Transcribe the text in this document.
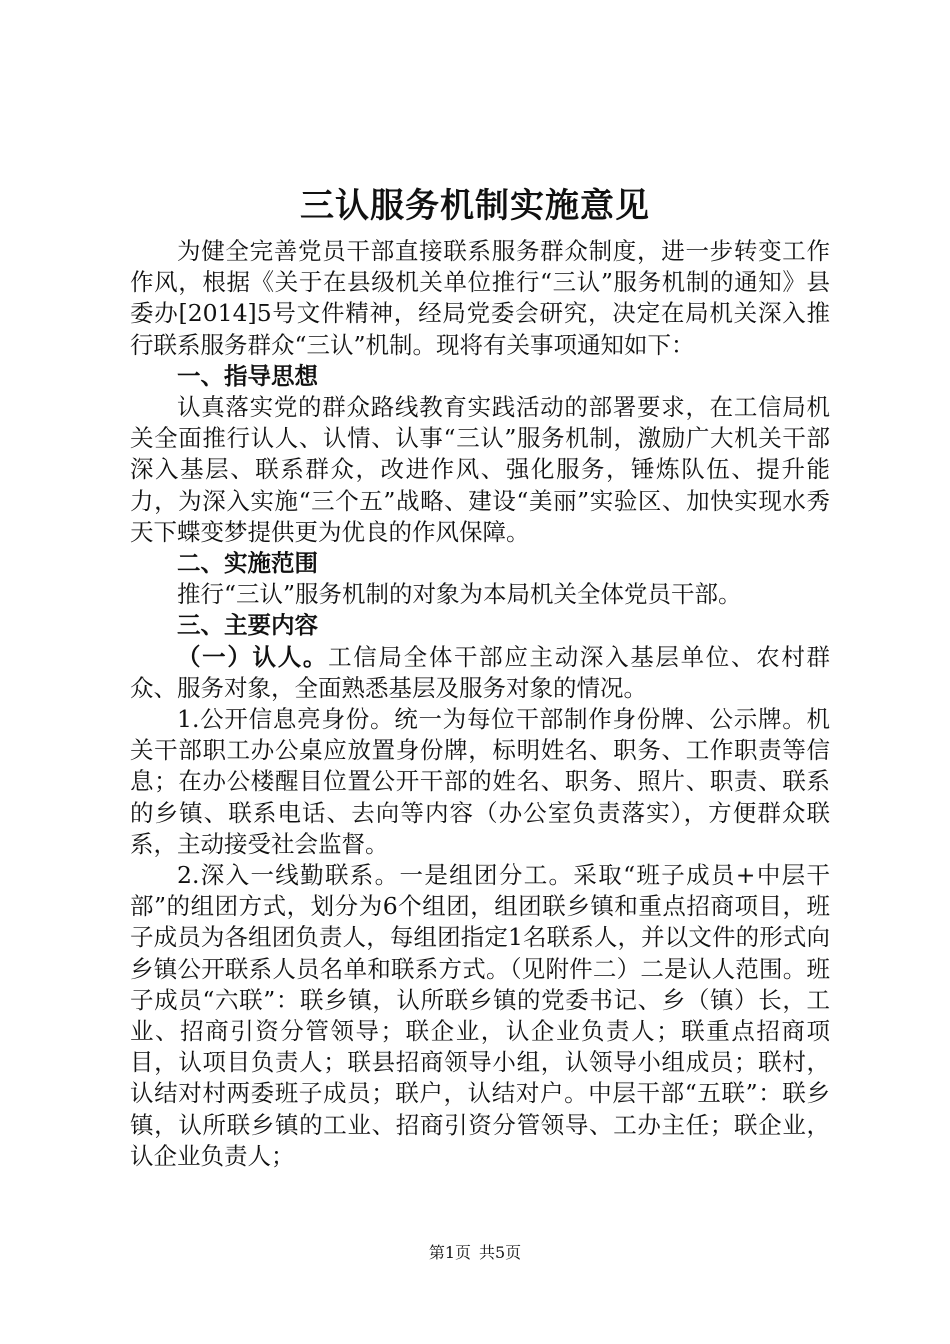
三认服务机制实施意见

为健全完善党员干部直接联系服务群众制度，进一步转变工作作风，根据《关于在县级机关单位推行“三认”服务机制的通知》县委办[2014]5号文件精神，经局党委会研究，决定在局机关深入推行联系服务群众“三认”机制。现将有关事项通知如下：

一、指导思想

认真落实党的群众路线教育实践活动的部署要求，在工信局机关全面推行认人、认情、认事“三认”服务机制，激励广大机关干部深入基层、联系群众，改进作风、强化服务，锤炼队伍、提升能力，为深入实施“三个五”战略、建设“美丽”实验区、加快实现水秀天下蝶变梦提供更为优良的作风保障。

二、实施范围

推行“三认”服务机制的对象为本局机关全体党员干部。

三、主要内容

（一）认人。工信局全体干部应主动深入基层单位、农村群众、服务对象，全面熟悉基层及服务对象的情况。

1.公开信息亮身份。统一为每位干部制作身份牌、公示牌。机关干部职工办公桌应放置身份牌，标明姓名、职务、工作职责等信息；在办公楼醒目位置公开干部的姓名、职务、照片、职责、联系的乡镇、联系电话、去向等内容（办公室负责落实），方便群众联系，主动接受社会监督。

2.深入一线勤联系。一是组团分工。采取“班子成员+中层干部”的组团方式，划分为6个组团，组团联乡镇和重点招商项目，班子成员为各组团负责人，每组团指定1名联系人，并以文件的形式向乡镇公开联系人员名单和联系方式。（见附件二）二是认人范围。班子成员“六联”：联乡镇，认所联乡镇的党委书记、乡（镇）长，工业、招商引资分管领导；联企业，认企业负责人；联重点招商项目，认项目负责人；联县招商领导小组，认领导小组成员；联村，认结对村两委班子成员；联户，认结对户。中层干部“五联”：联乡镇，认所联乡镇的工业、招商引资分管领导、工办主任；联企业，认企业负责人；

第1页 共5页
